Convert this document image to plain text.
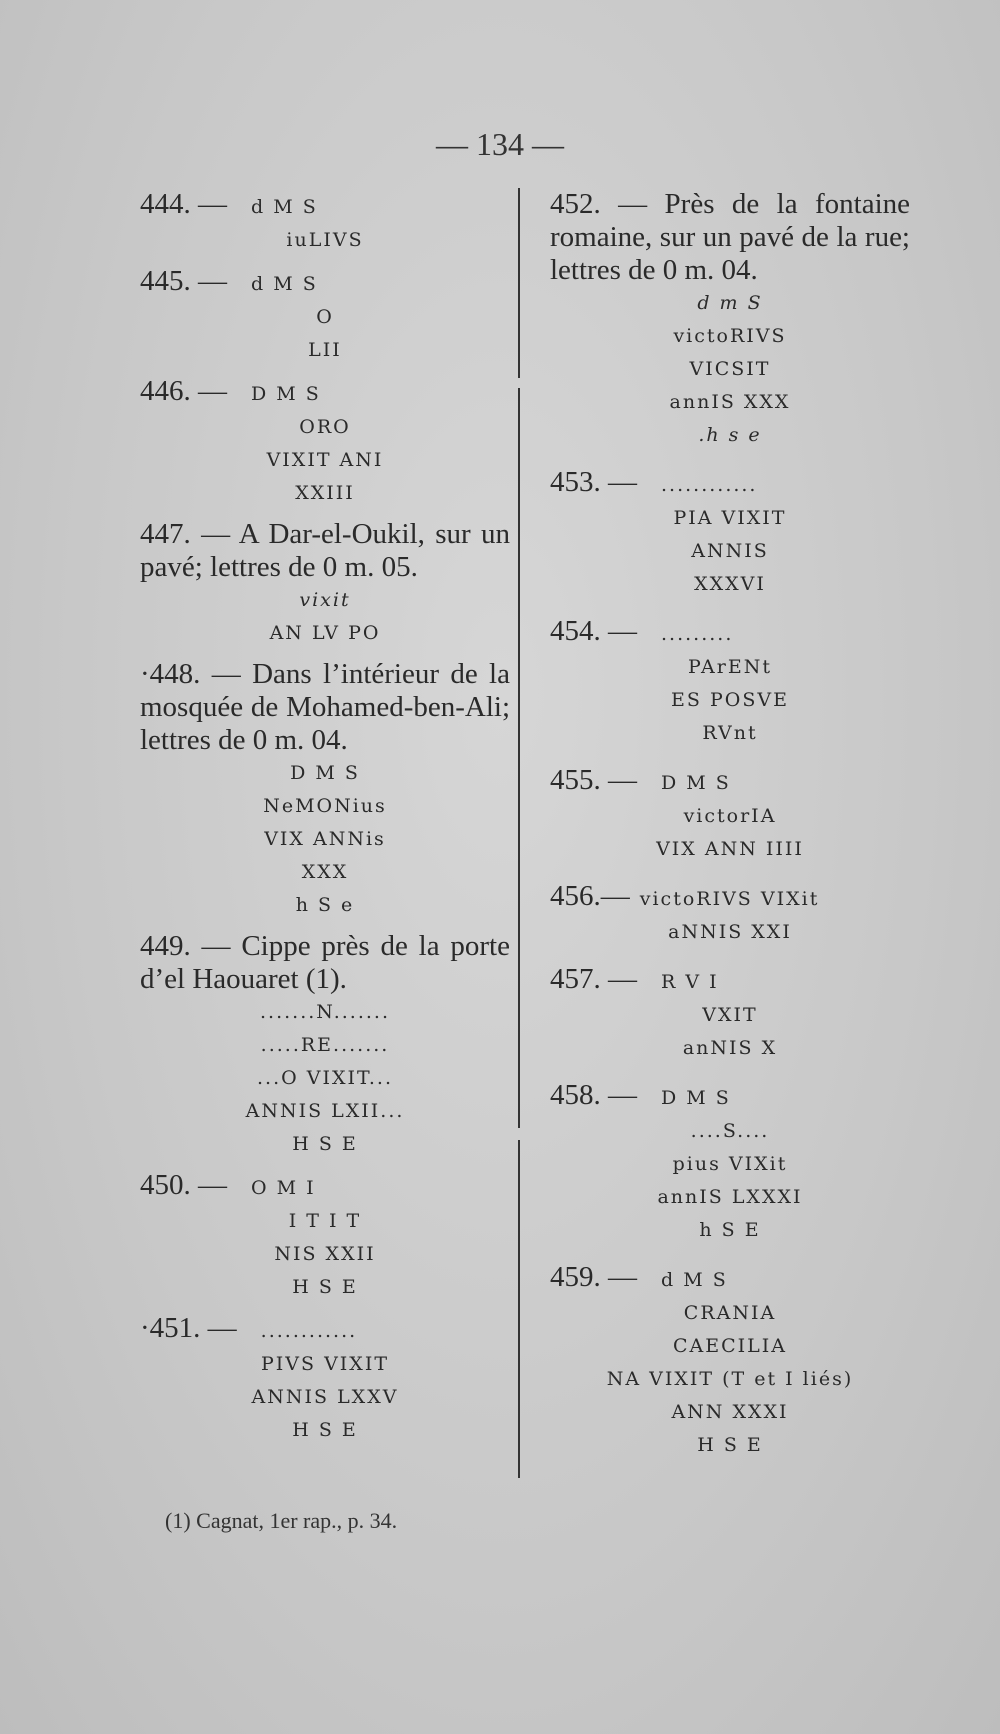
— 134 —
444. —	d M S
iuLIVS
445. —	d M S
O
LII
446. —	D M S
ORO
VIXIT ANI
XXIII
447. — A Dar-el-Oukil, sur un pavé; lettres de 0 m. 05.
vixit
AN LV PO
·448. — Dans l’intérieur de la mosquée de Mohamed-ben-Ali; lettres de 0 m. 04.
D M S
NeMONius
VIX ANNis
XXX
h S e
449. — Cippe près de la porte d’el Haouaret (1).
.......N.......
.....RE.......
...O VIXIT...
ANNIS LXII...
H S E
450. —	O M I
I T I T
NIS XXII
H S E
·451. —	............
PIVS VIXIT
ANNIS LXXV
H S E
452. — Près de la fontaine romaine, sur un pavé de la rue; lettres de 0 m. 04.
d m S
victoRIVS
VICSIT
annIS XXX
.h s e
453. —	............
PIA VIXIT
ANNIS
XXXVI
454. —	.........
PArENt
ES POSVE
RVnt
455. —	D M S
victorIA
VIX ANN IIII
456.— victoRIVS VIXit
aNNIS XXI
457. —	R V I
VXIT
anNIS X
458. —	D M S
....S....
pius VIXit
annIS LXXXI
h S E
459. —	d M S
CRANIA
CAECILIA
NA VIXIT (T et I liés)
ANN XXXI
H S E
(1) Cagnat, 1er rap., p. 34.
